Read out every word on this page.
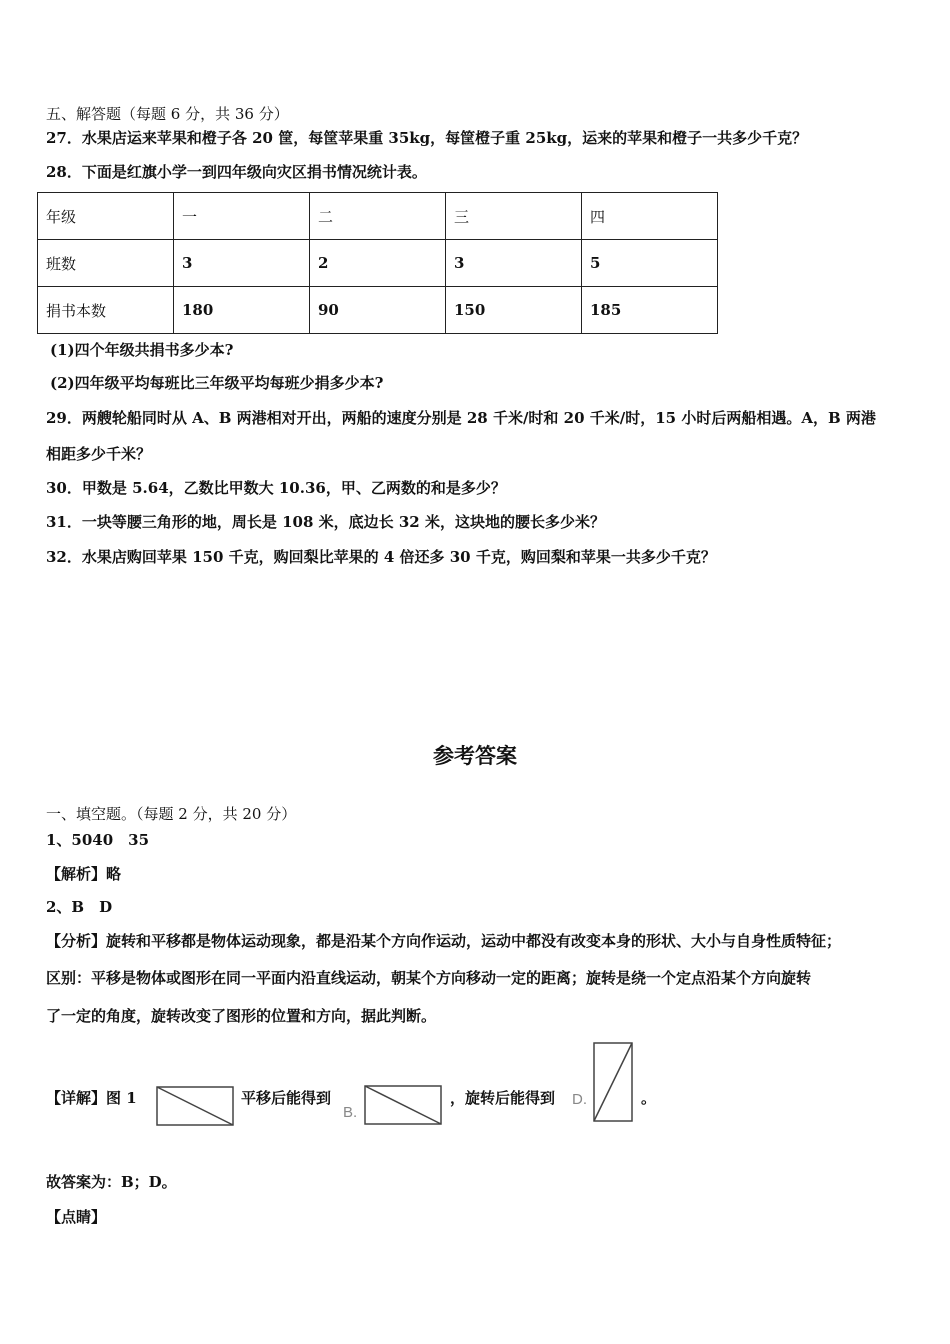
五、解答题（每题 6 分，共 36 分）
27．水果店运来苹果和橙子各 20 筐，每筐苹果重 35kg，每筐橙子重 25kg，运来的苹果和橙子一共多少千克？
28．下面是红旗小学一到四年级向灾区捐书情况统计表。
年级	一	二	三	四
班数	3	2	3	5
捐书本数	180	90	150	185
(1)四个年级共捐书多少本?
(2)四年级平均每班比三年级平均每班少捐多少本?
29．两艘轮船同时从 A、B 两港相对开出，两船的速度分别是 28 千米/时和 20 千米/时，15 小时后两船相遇。A，B 两港
相距多少千米？
30．甲数是 5.64，乙数比甲数大 10.36，甲、乙两数的和是多少？
31．一块等腰三角形的地，周长是 108 米，底边长 32 米，这块地的腰长多少米？
32．水果店购回苹果 150 千克，购回梨比苹果的 4 倍还多 30 千克，购回梨和苹果一共多少千克？
参考答案
一、填空题。（每题 2 分，共 20 分）
1、5040　35
【解析】略
2、B　D
【分析】旋转和平移都是物体运动现象，都是沿某个方向作运动，运动中都没有改变本身的形状、大小与自身性质特征；
区别：平移是物体或图形在同一平面内沿直线运动，朝某个方向移动一定的距离；旋转是绕一个定点沿某个方向旋转
了一定的角度，旋转改变了图形的位置和方向，据此判断。
【详解】图 1	平移后能得到
B.
，旋转后能得到 D.	。
故答案为：B；D。
【点睛】
